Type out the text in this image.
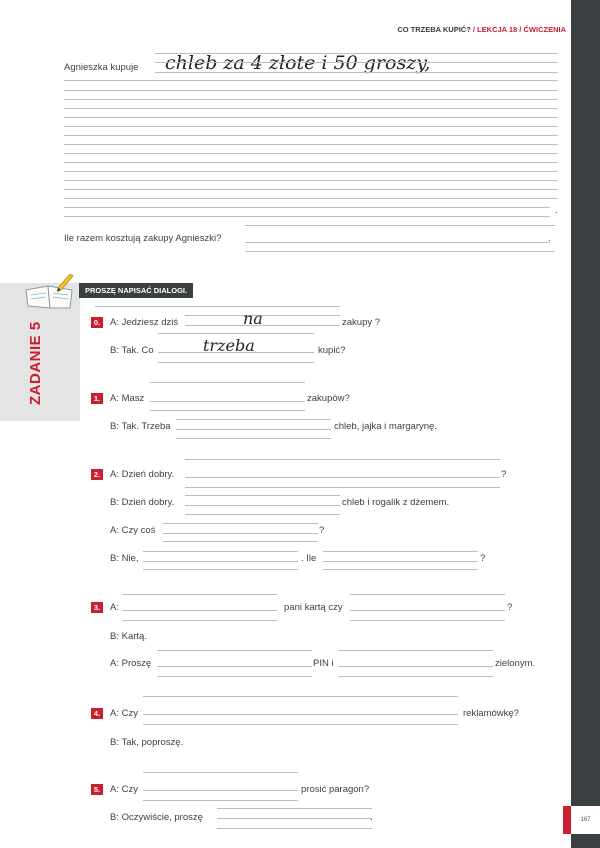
167
CO TRZEBA KUPIĆ? / LEKCJA 18 / ĆWICZENIA
Agnieszka kupuje chleb za 4 złote i 50 groszy,
.
Ile razem kosztują zakupy Agnieszki?	.
ZADANIE 5
PROSZĘ NAPISAĆ DIALOGI.
0.	A: Jedziesz dziś	na	zakupy ?
B: Tak. Co	trzeba	kupić?
1.	A: Masz	zakupów?
B: Tak. Trzeba	chleb, jajka i margarynę.
2.	A: Dzień dobry.	?
B: Dzień dobry.	chleb i rogalik z dżemem.
A: Czy coś	?
B: Nie,	. Ile	?
3.	A:	pani kartą czy	?
B: Kartą.
A: Proszę	PIN i	zielonym.
4.	A: Czy	reklamówkę?
B: Tak, poproszę.
5.	A: Czy	prosić paragon?
B: Oczywiście, proszę	.
